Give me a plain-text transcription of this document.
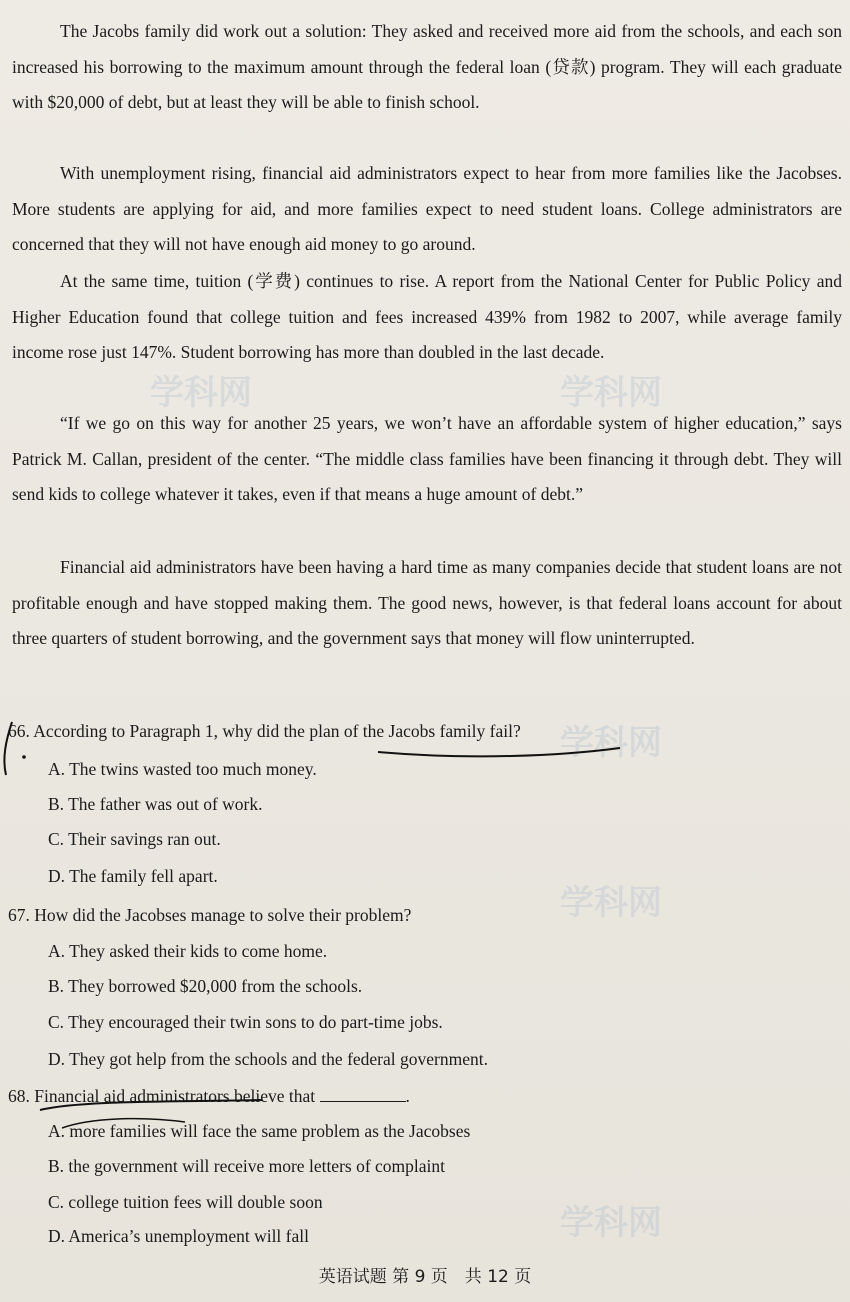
学科网	学科网
学科网
学科网
学科网

The Jacobs family did work out a solution: They asked and received more aid from the schools, and each son increased his borrowing to the maximum amount through the federal loan (贷款) program. They will each graduate with $20,000 of debt, but at least they will be able to finish school.

With unemployment rising, financial aid administrators expect to hear from more families like the Jacobses. More students are applying for aid, and more families expect to need student loans. College administrators are concerned that they will not have enough aid money to go around.

At the same time, tuition (学费) continues to rise. A report from the National Center for Public Policy and Higher Education found that college tuition and fees increased 439% from 1982 to 2007, while average family income rose just 147%. Student borrowing has more than doubled in the last decade.

“If we go on this way for another 25 years, we won’t have an affordable system of higher education,” says Patrick M. Callan, president of the center. “The middle class families have been financing it through debt. They will send kids to college whatever it takes, even if that means a huge amount of debt.”

Financial aid administrators have been having a hard time as many companies decide that student loans are not profitable enough and have stopped making them. The good news, however, is that federal loans account for about three quarters of student borrowing, and the government says that money will flow uninterrupted.

66. According to Paragraph 1, why did the plan of the Jacobs family fail?

A. The twins wasted too much money.

B. The father was out of work.

C. Their savings ran out.

D. The family fell apart.

67. How did the Jacobses manage to solve their problem?

A. They asked their kids to come home.

B. They borrowed $20,000 from the schools.

C. They encouraged their twin sons to do part-time jobs.

D. They got help from the schools and the federal government.

68. Financial aid administrators believe that	.

A. more families will face the same problem as the Jacobses

B. the government will receive more letters of complaint

C. college tuition fees will double soon

D. America’s unemployment will fall

英语试题 第 9 页　共 12 页
